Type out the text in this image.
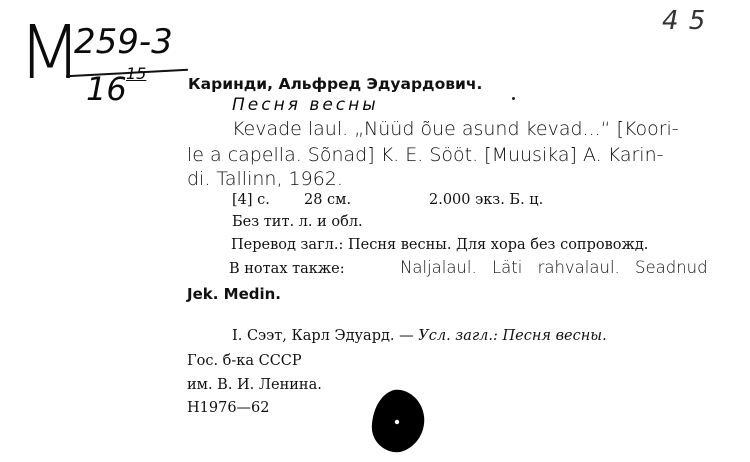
М
259-3
16 15
4 5
Песня весны
Каринди, Альфред Эдуардович.
Kevade laul. „Nüüd õue asund kevad...“ [Koori-
le a capella. Sõnad] K. E. Sööt. [Muusika] A. Karin-
di. Tallinn, 1962.
[4] с. 28 см.	2.000 экз. Б. ц.
Без тит. л. и обл.
Перевод загл.: Песня весны. Для хора без сопровожд.
В нотах также:	Naljalaul. Läti rahvalaul. Seadnud
Jek. Medin.
I. Сээт, Карл Эдуард. — Усл. загл.: Песня весны.
Гос. б-ка СССР
им. В. И. Ленина.
Н1976—62
